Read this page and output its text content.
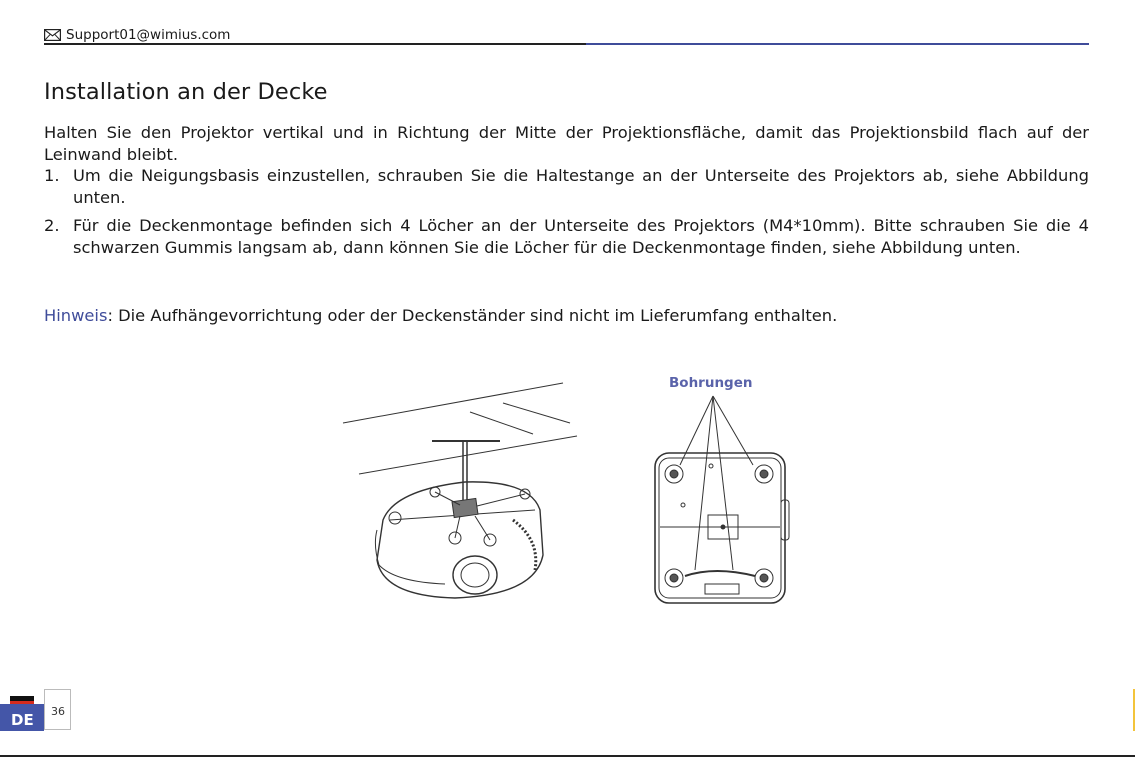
Support01@wimius.com
Installation an der Decke

Halten Sie den Projektor vertikal und in Richtung der Mitte der Projektionsfläche, damit das Projektionsbild flach auf der Leinwand bleibt.

1. Um die Neigungsbasis einzustellen, schrauben Sie die Haltestange an der Unterseite des Projektors ab, siehe Abbildung unten.
2. Für die Deckenmontage befinden sich 4 Löcher an der Unterseite des Projektors (M4*10mm). Bitte schrauben Sie die 4 schwarzen Gummis langsam ab, dann können Sie die Löcher für die Deckenmontage finden, siehe Abbildung unten.
Hinweis: Die Aufhängevorrichtung oder der Deckenständer sind nicht im Lieferumfang enthalten.
Bohrungen
DE 36
